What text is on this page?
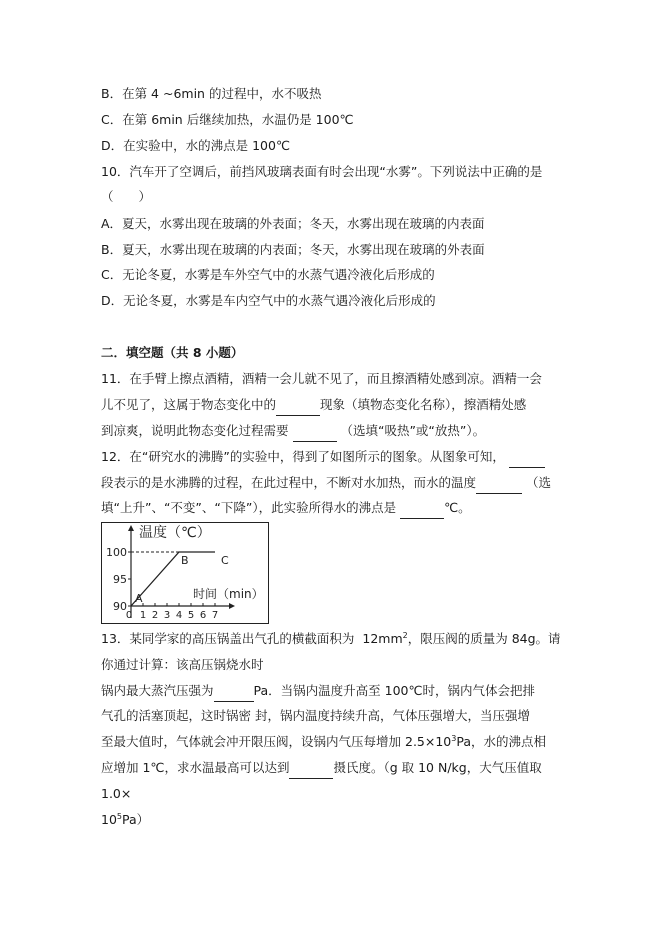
B．在第 4 ~6min 的过程中，水不吸热
C．在第 6min 后继续加热，水温仍是 100℃
D．在实验中，水的沸点是 100℃
10．汽车开了空调后，前挡风玻璃表面有时会出现“水雾”。下列说法中正确的是
（　　）
A．夏天，水雾出现在玻璃的外表面；冬天，水雾出现在玻璃的内表面
B．夏天，水雾出现在玻璃的内表面；冬天，水雾出现在玻璃的外表面
C．无论冬夏，水雾是车外空气中的水蒸气遇冷液化后形成的
D．无论冬夏，水雾是车内空气中的水蒸气遇冷液化后形成的
二．填空题（共 8 小题）
11．在手臂上擦点酒精，酒精一会儿就不见了，而且擦酒精处感到凉。酒精一会
儿不见了，这属于物态变化中的	现象（填物态变化名称），擦酒精处感
到凉爽，说明此物态变化过程需要	（选填“吸热”或“放热”）。
12．在“研究水的沸腾”的实验中，得到了如图所示的图象。从图象可知，
段表示的是水沸腾的过程，在此过程中，不断对水加热，而水的温度	（选
填“上升”、“不变”、“下降”），此实验所得水的沸点是	℃。
温度（℃）
时间（min）
90
95
100
0 1 2 3 4 5 6 7
A
B	C
13．某同学家的高压锅盖出气孔的横截面积为 $12mm^2$，限压阀的质量为 84g。请
你通过计算：该高压锅烧水时
锅内最大蒸汽压强为	Pa．当锅内温度升高至 100℃时，锅内气体会把排
气孔的活塞顶起，这时锅密 封，锅内温度持续升高，气体压强增大，当压强增
至最大值时，气体就会冲开限压阀，设锅内气压每增加 $2.5\times 10^3Pa$，水的沸点相
应增加 1℃，求水温最高可以达到	摄氏度。（g 取 10 N/kg，大气压值取
1.0×
$10^5Pa$）
